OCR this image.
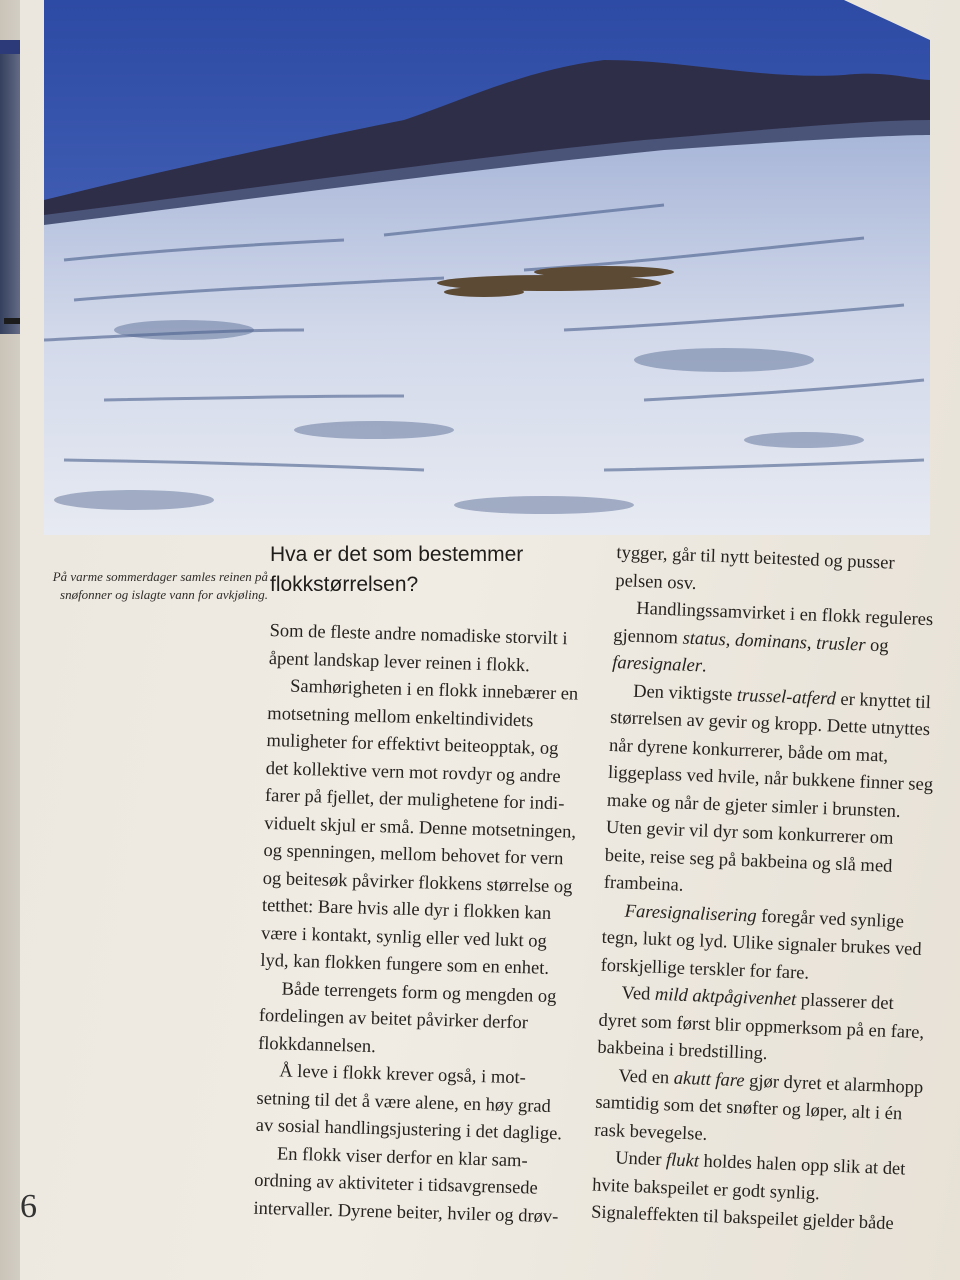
På varme sommerdager samles reinen på snøfonner og islagte vann for avkjøling.
Hva er det som bestemmer flokkstørrelsen?

Som de fleste andre nomadiske storvilt i åpent landskap lever reinen i flokk.

Samhørigheten i en flokk innebærer en motsetning mellom enkeltindividets muligheter for effektivt beiteopptak, og det kollektive vern mot rovdyr og andre farer på fjellet, der mulighetene for individuelt skjul er små. Denne motsetningen, og spenningen, mellom behovet for vern og beitesøk påvirker flokkens størrelse og tetthet: Bare hvis alle dyr i flokken kan være i kontakt, synlig eller ved lukt og lyd, kan flokken fungere som en enhet.

Både terrengets form og mengden og fordelingen av beitet påvirker derfor flokkdannelsen.

Å leve i flokk krever også, i motsetning til det å være alene, en høy grad av sosial handlingsjustering i det daglige.

En flokk viser derfor en klar samordning av aktiviteter i tidsavgrensede intervaller. Dyrene beiter, hviler og drøv-

tygger, går til nytt beitested og pusser pelsen osv.

Handlingssamvirket i en flokk reguleres gjennom status, dominans, trusler og faresignaler.

Den viktigste trussel-atferd er knyttet til størrelsen av gevir og kropp. Dette utnyttes når dyrene konkurrerer, både om mat, liggeplass ved hvile, når bukkene finner seg make og når de gjeter simler i brunsten. Uten gevir vil dyr som konkurrerer om beite, reise seg på bakbeina og slå med frambeina.

Faresignalisering foregår ved synlige tegn, lukt og lyd. Ulike signaler brukes ved forskjellige terskler for fare.

Ved mild aktpågivenhet plasserer det dyret som først blir oppmerksom på en fare, bakbeina i bredstilling.

Ved en akutt fare gjør dyret et alarmhopp samtidig som det snøfter og løper, alt i én rask bevegelse.

Under flukt holdes halen opp slik at det hvite bakspeilet er godt synlig. Signaleffekten til bakspeilet gjelder både

6
